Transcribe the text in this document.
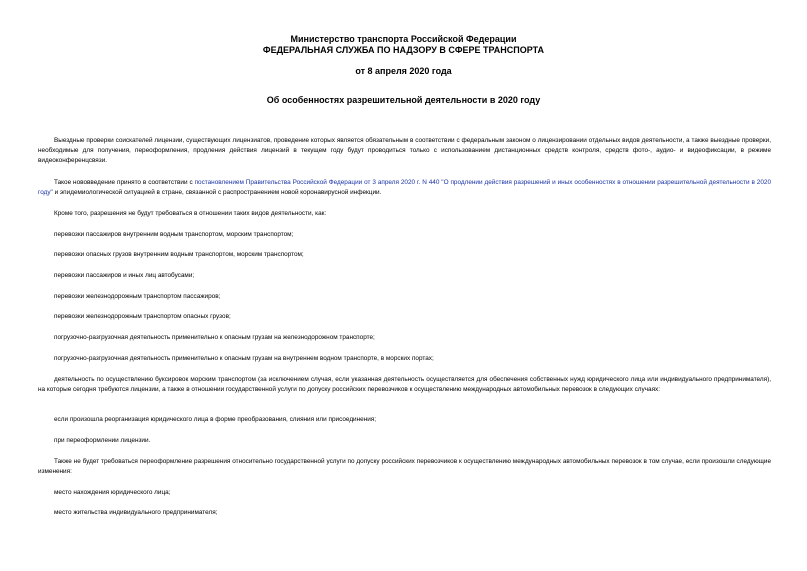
Министерство транспорта Российской Федерации
ФЕДЕРАЛЬНАЯ СЛУЖБА ПО НАДЗОРУ В СФЕРЕ ТРАНСПОРТА
от 8 апреля 2020 года
Об особенностях разрешительной деятельности в 2020 году

Выездные проверки соискателей лицензии, существующих лицензиатов, проведение которых является обязательным в соответствии с федеральным законом о лицензировании отдельных видов деятельности, а также выездные проверки, необходимые для получения, переоформления, продления действия лицензий в текущем году будут проводиться только с использованием дистанционных средств контроля, средств фото-, аудио- и видеофиксации, в режиме видеоконференцсвязи.

Такое нововведение принято в соответствии с постановлением Правительства Российской Федерации от 3 апреля 2020 г. N 440 "О продлении действия разрешений и иных особенностях в отношении разрешительной деятельности в 2020 году" и эпидемиологической ситуацией в стране, связанной с распространением новой коронавирусной инфекции.

Кроме того, разрешения не будут требоваться в отношении таких видов деятельности, как:

перевозки пассажиров внутренним водным транспортом, морским транспортом;

перевозки опасных грузов внутренним водным транспортом, морским транспортом;

перевозки пассажиров и иных лиц автобусами;

перевозки железнодорожным транспортом пассажиров;

перевозки железнодорожным транспортом опасных грузов;

погрузочно-разгрузочная деятельность применительно к опасным грузам на железнодорожном транспорте;

погрузочно-разгрузочная деятельность применительно к опасным грузам на внутреннем водном транспорте, в морских портах;

деятельность по осуществлению буксировок морским транспортом (за исключением случая, если указанная деятельность осуществляется для обеспечения собственных нужд юридического лица или индивидуального предпринимателя), на которые сегодня требуются лицензии, а также в отношении государственной услуги по допуску российских перевозчиков к осуществлению международных автомобильных перевозок в следующих случаях:

если произошла реорганизация юридического лица в форме преобразования, слияния или присоединения;

при переоформлении лицензии.

Также не будет требоваться переоформление разрешения относительно государственной услуги по допуску российских перевозчиков к осуществлению международных автомобильных перевозок в том случае, если произошли следующие изменения:

место нахождения юридического лица;

место жительства индивидуального предпринимателя;
